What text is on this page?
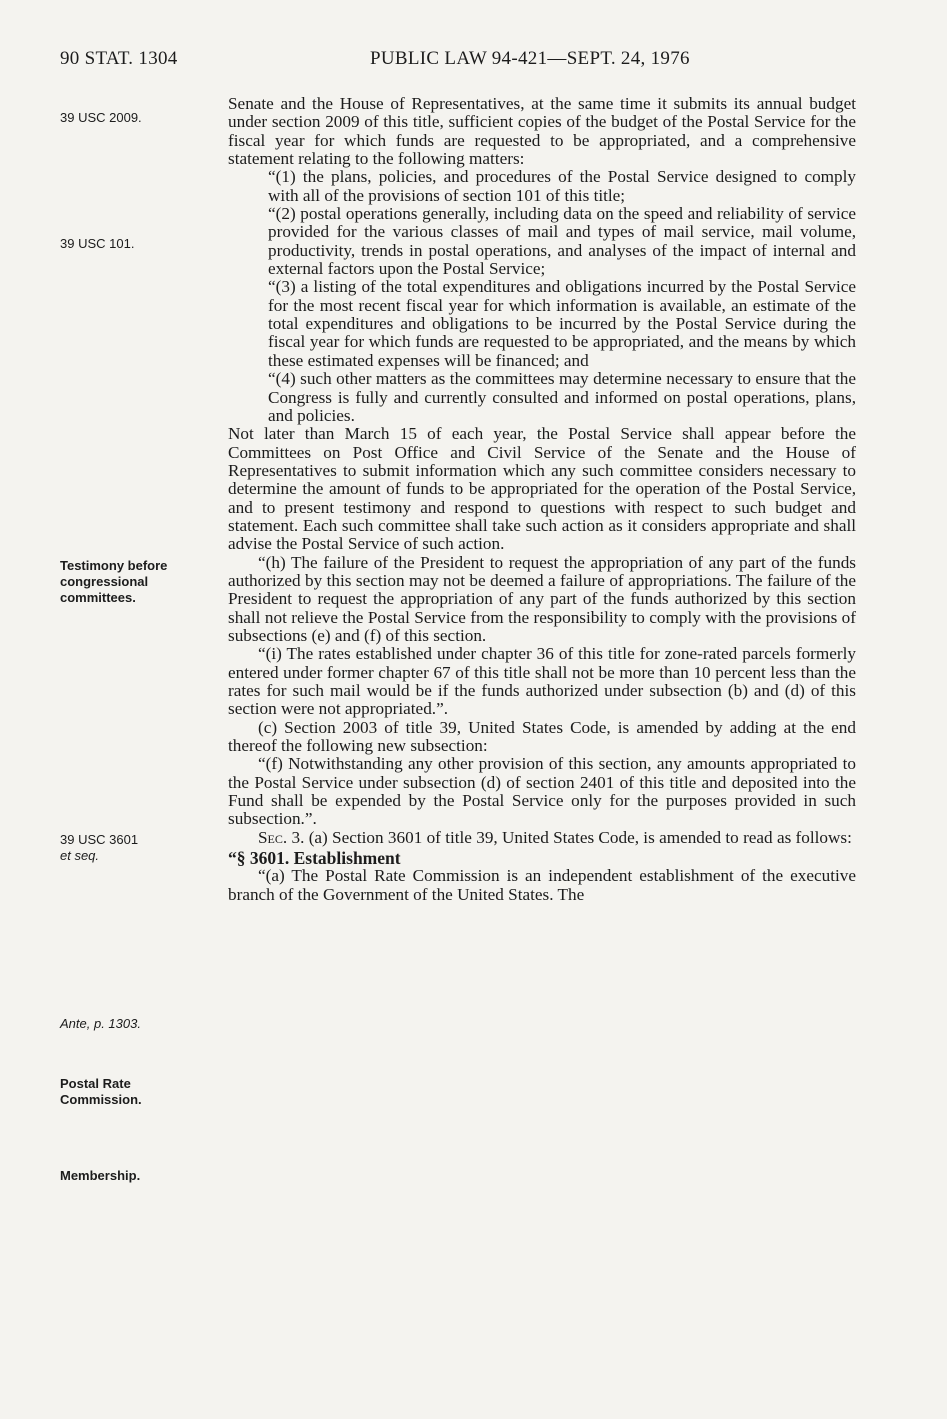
90 STAT. 1304	PUBLIC LAW 94-421—SEPT. 24, 1976
39 USC 2009.
39 USC 101.
Testimony before
congressional
committees.
39 USC 3601
et seq.
Ante, p. 1303.
Postal Rate
Commission.
Membership.

Senate and the House of Representatives, at the same time it submits its annual budget under section 2009 of this title, sufficient copies of the budget of the Postal Service for the fiscal year for which funds are requested to be appropriated, and a comprehensive statement relating to the following matters:

“(1) the plans, policies, and procedures of the Postal Service designed to comply with all of the provisions of section 101 of this title;

“(2) postal operations generally, including data on the speed and reliability of service provided for the various classes of mail and types of mail service, mail volume, productivity, trends in postal operations, and analyses of the impact of internal and external factors upon the Postal Service;

“(3) a listing of the total expenditures and obligations incurred by the Postal Service for the most recent fiscal year for which information is available, an estimate of the total expenditures and obligations to be incurred by the Postal Service during the fiscal year for which funds are requested to be appropriated, and the means by which these estimated expenses will be financed; and

“(4) such other matters as the committees may determine necessary to ensure that the Congress is fully and currently consulted and informed on postal operations, plans, and policies.

Not later than March 15 of each year, the Postal Service shall appear before the Committees on Post Office and Civil Service of the Senate and the House of Representatives to submit information which any such committee considers necessary to determine the amount of funds to be appropriated for the operation of the Postal Service, and to present testimony and respond to questions with respect to such budget and statement. Each such committee shall take such action as it considers appropriate and shall advise the Postal Service of such action.

“(h) The failure of the President to request the appropriation of any part of the funds authorized by this section may not be deemed a failure of appropriations. The failure of the President to request the appropriation of any part of the funds authorized by this section shall not relieve the Postal Service from the responsibility to comply with the provisions of subsections (e) and (f) of this section.

“(i) The rates established under chapter 36 of this title for zone-rated parcels formerly entered under former chapter 67 of this title shall not be more than 10 percent less than the rates for such mail would be if the funds authorized under subsection (b) and (d) of this section were not appropriated.”.

(c) Section 2003 of title 39, United States Code, is amended by adding at the end thereof the following new subsection:

“(f) Notwithstanding any other provision of this section, any amounts appropriated to the Postal Service under subsection (d) of section 2401 of this title and deposited into the Fund shall be expended by the Postal Service only for the purposes provided in such subsection.”.

Sec. 3. (a) Section 3601 of title 39, United States Code, is amended to read as follows:

“§ 3601. Establishment

“(a) The Postal Rate Commission is an independent establishment of the executive branch of the Government of the United States. The
